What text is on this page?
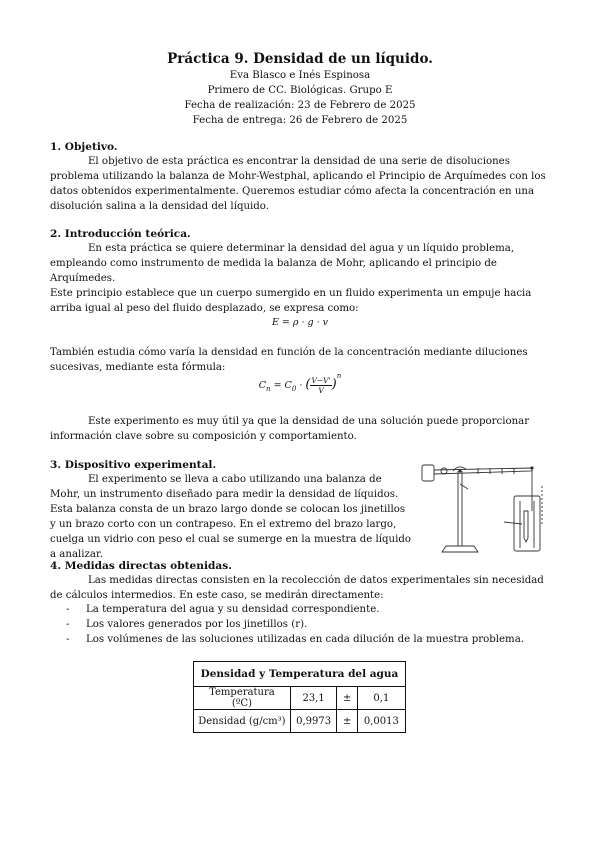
Práctica 9. Densidad de un líquido.
Eva Blasco e Inés Espinosa
Primero de CC. Biológicas. Grupo E
Fecha de realización: 23 de Febrero de 2025
Fecha de entrega: 26 de Febrero de 2025
1. Objetivo.
El objetivo de esta práctica es encontrar la densidad de una serie de disoluciones problema utilizando la balanza de Mohr-Westphal, aplicando el Principio de Arquímedes con los datos obtenidos experimentalmente. Queremos estudiar cómo afecta la concentración en una disolución salina a la densidad del líquido.
2. Introducción teórica.
En esta práctica se quiere determinar la densidad del agua y un líquido problema, empleando como instrumento de medida la balanza de Mohr, aplicando el principio de Arquímedes.
Este principio establece que un cuerpo sumergido en un fluido experimenta un empuje hacia arriba igual al peso del fluido desplazado, se expresa como:
E = ρ · g · v
También estudia cómo varía la densidad en función de la concentración mediante diluciones sucesivas, mediante esta fórmula:
$C_n = C_0$ · ( $\frac{V-V'}{V} )^n$
Este experimento es muy útil ya que la densidad de una solución puede proporcionar información clave sobre su composición y comportamiento.
3. Dispositivo experimental.
El experimento se lleva a cabo utilizando una balanza de Mohr, un instrumento diseñado para medir la densidad de líquidos. Esta balanza consta de un brazo largo donde se colocan los jinetillos y un brazo corto con un contrapeso. En el extremo del brazo largo, cuelga un vidrio con peso el cual se sumerge en la muestra de líquido a analizar.
4. Medidas directas obtenidas.
Las medidas directas consisten en la recolección de datos experimentales sin necesidad de cálculos intermedios. En este caso, se medirán directamente:
- La temperatura del agua y su densidad correspondiente.
- Los valores generados por los jinetillos (r).
- Los volúmenes de las soluciones utilizadas en cada dilución de la muestra problema.
Densidad y Temperatura del agua			
Temperatura (ºC)	23,1	±	0,1
Densidad (g/cm³)	0,9973	±	0,0013
